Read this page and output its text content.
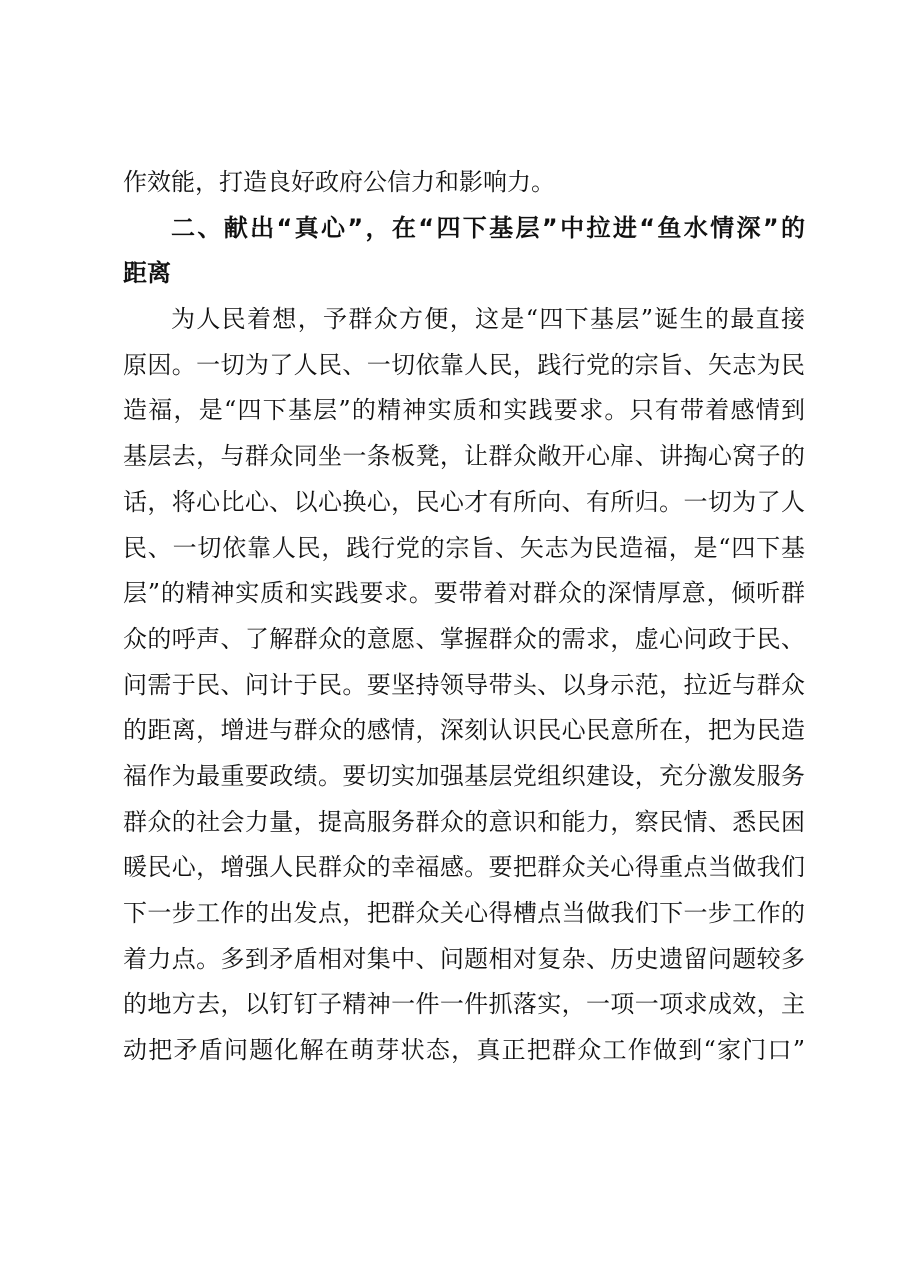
作效能，打造良好政府公信力和影响力。
二、献出“真心”，在“四下基层”中拉进“鱼水情深”的
距离
为人民着想，予群众方便，这是“四下基层”诞生的最直接
原因。一切为了人民、一切依靠人民，践行党的宗旨、矢志为民
造福，是“四下基层”的精神实质和实践要求。只有带着感情到
基层去，与群众同坐一条板凳，让群众敞开心扉、讲掏心窝子的
话，将心比心、以心换心，民心才有所向、有所归。一切为了人
民、一切依靠人民，践行党的宗旨、矢志为民造福，是“四下基
层”的精神实质和实践要求。要带着对群众的深情厚意，倾听群
众的呼声、了解群众的意愿、掌握群众的需求，虚心问政于民、
问需于民、问计于民。要坚持领导带头、以身示范，拉近与群众
的距离，增进与群众的感情，深刻认识民心民意所在，把为民造
福作为最重要政绩。要切实加强基层党组织建设，充分激发服务
群众的社会力量，提高服务群众的意识和能力，察民情、悉民困
暖民心，增强人民群众的幸福感。要把群众关心得重点当做我们
下一步工作的出发点，把群众关心得槽点当做我们下一步工作的
着力点。多到矛盾相对集中、问题相对复杂、历史遗留问题较多
的地方去，以钉钉子精神一件一件抓落实，一项一项求成效，主
动把矛盾问题化解在萌芽状态，真正把群众工作做到“家门口”
